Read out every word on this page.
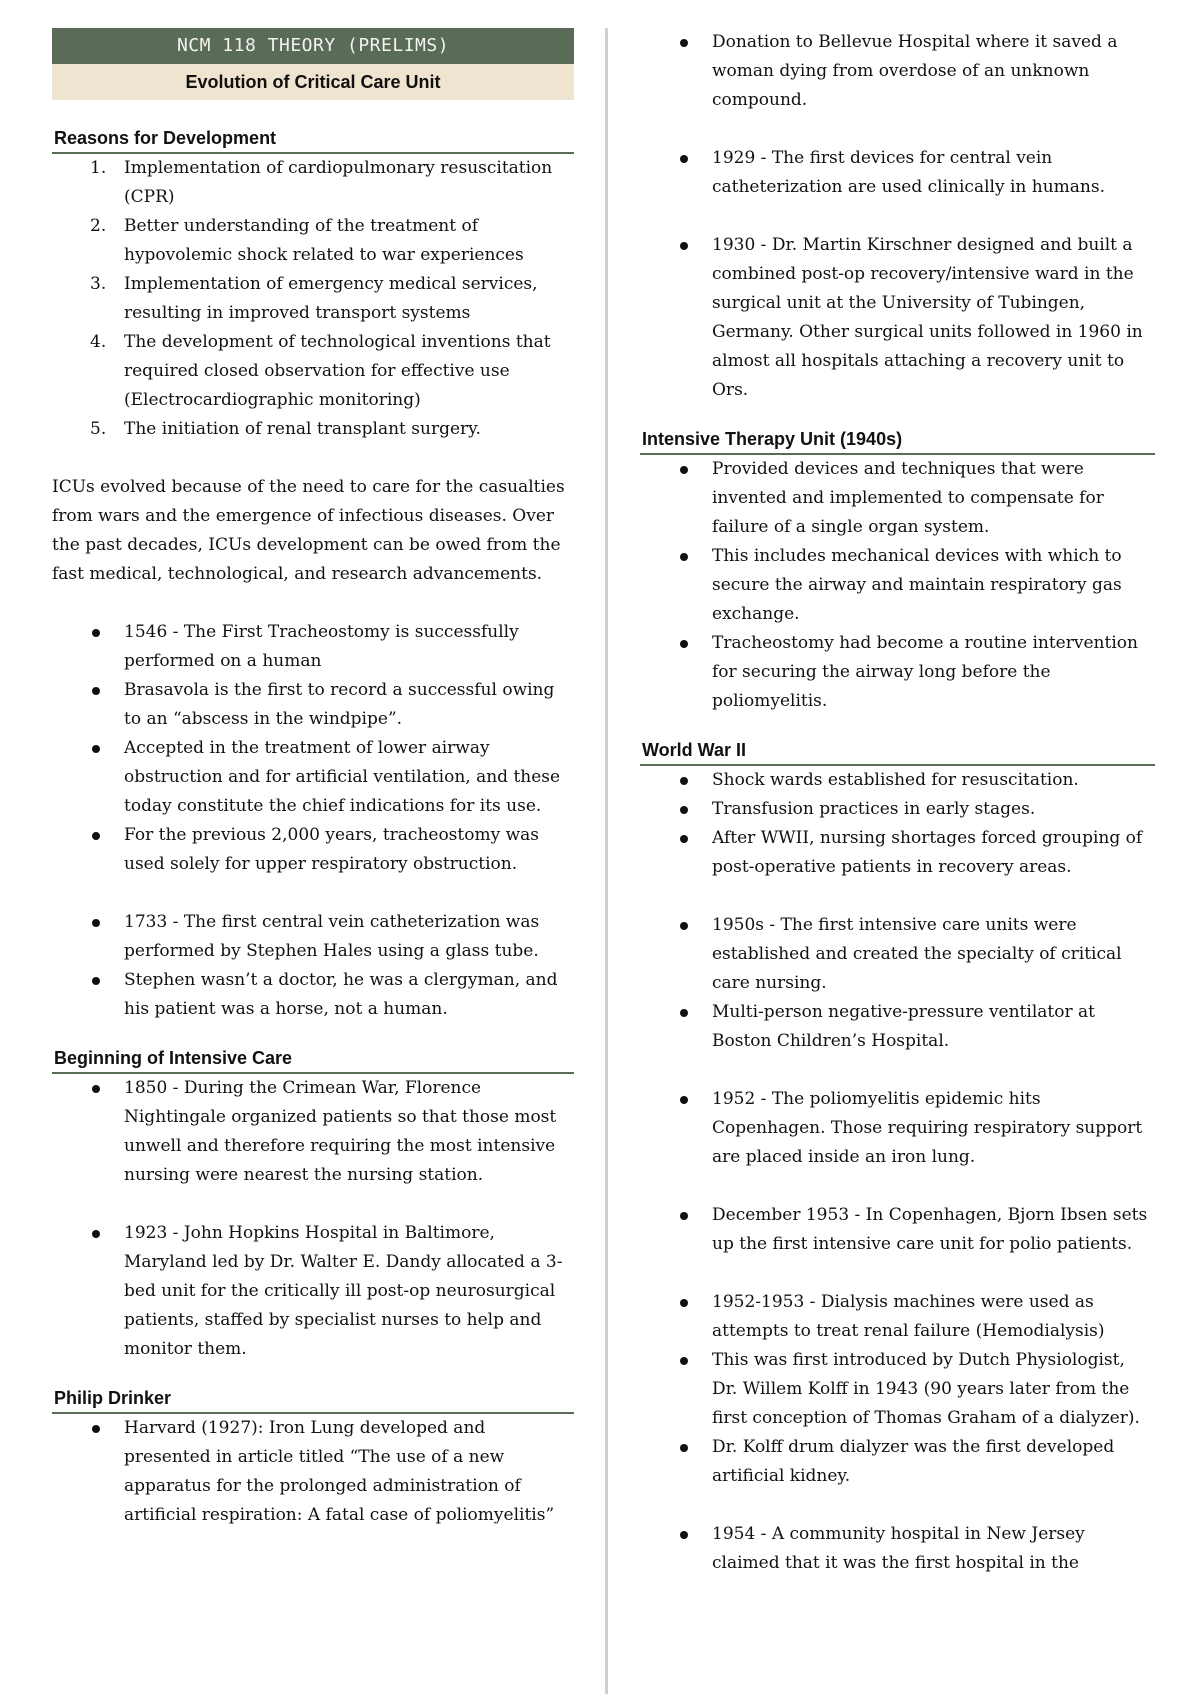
NCM 118 THEORY (PRELIMS)
Evolution of Critical Care Unit
Reasons for Development
1. Implementation of cardiopulmonary resuscitation (CPR)
2. Better understanding of the treatment of hypovolemic shock related to war experiences
3. Implementation of emergency medical services, resulting in improved transport systems
4. The development of technological inventions that required closed observation for effective use (Electrocardiographic monitoring)
5. The initiation of renal transplant surgery.

ICUs evolved because of the need to care for the casualties from wars and the emergence of infectious diseases. Over the past decades, ICUs development can be owed from the fast medical, technological, and research advancements.

1546 - The First Tracheostomy is successfully performed on a human
Brasavola is the first to record a successful owing to an “abscess in the windpipe”.
Accepted in the treatment of lower airway obstruction and for artificial ventilation, and these today constitute the chief indications for its use.
For the previous 2,000 years, tracheostomy was used solely for upper respiratory obstruction.
1733 - The first central vein catheterization was performed by Stephen Hales using a glass tube.
Stephen wasn’t a doctor, he was a clergyman, and his patient was a horse, not a human.
Beginning of Intensive Care
1850 - During the Crimean War, Florence Nightingale organized patients so that those most unwell and therefore requiring the most intensive nursing were nearest the nursing station.
1923 - John Hopkins Hospital in Baltimore, Maryland led by Dr. Walter E. Dandy allocated a 3-bed unit for the critically ill post-op neurosurgical patients, staffed by specialist nurses to help and monitor them.
Philip Drinker
Harvard (1927): Iron Lung developed and presented in article titled “The use of a new apparatus for the prolonged administration of artificial respiration: A fatal case of poliomyelitis”
Donation to Bellevue Hospital where it saved a woman dying from overdose of an unknown compound.
1929 - The first devices for central vein catheterization are used clinically in humans.
1930 - Dr. Martin Kirschner designed and built a combined post-op recovery/intensive ward in the surgical unit at the University of Tubingen, Germany. Other surgical units followed in 1960 in almost all hospitals attaching a recovery unit to Ors.
Intensive Therapy Unit (1940s)
Provided devices and techniques that were invented and implemented to compensate for failure of a single organ system.
This includes mechanical devices with which to secure the airway and maintain respiratory gas exchange.
Tracheostomy had become a routine intervention for securing the airway long before the poliomyelitis.
World War II
Shock wards established for resuscitation.
Transfusion practices in early stages.
After WWII, nursing shortages forced grouping of post-operative patients in recovery areas.
1950s - The first intensive care units were established and created the specialty of critical care nursing.
Multi-person negative-pressure ventilator at Boston Children’s Hospital.
1952 - The poliomyelitis epidemic hits Copenhagen. Those requiring respiratory support are placed inside an iron lung.
December 1953 - In Copenhagen, Bjorn Ibsen sets up the first intensive care unit for polio patients.
1952-1953 - Dialysis machines were used as attempts to treat renal failure (Hemodialysis)
This was first introduced by Dutch Physiologist, Dr. Willem Kolff in 1943 (90 years later from the first conception of Thomas Graham of a dialyzer).
Dr. Kolff drum dialyzer was the first developed artificial kidney.
1954 - A community hospital in New Jersey claimed that it was the first hospital in the
